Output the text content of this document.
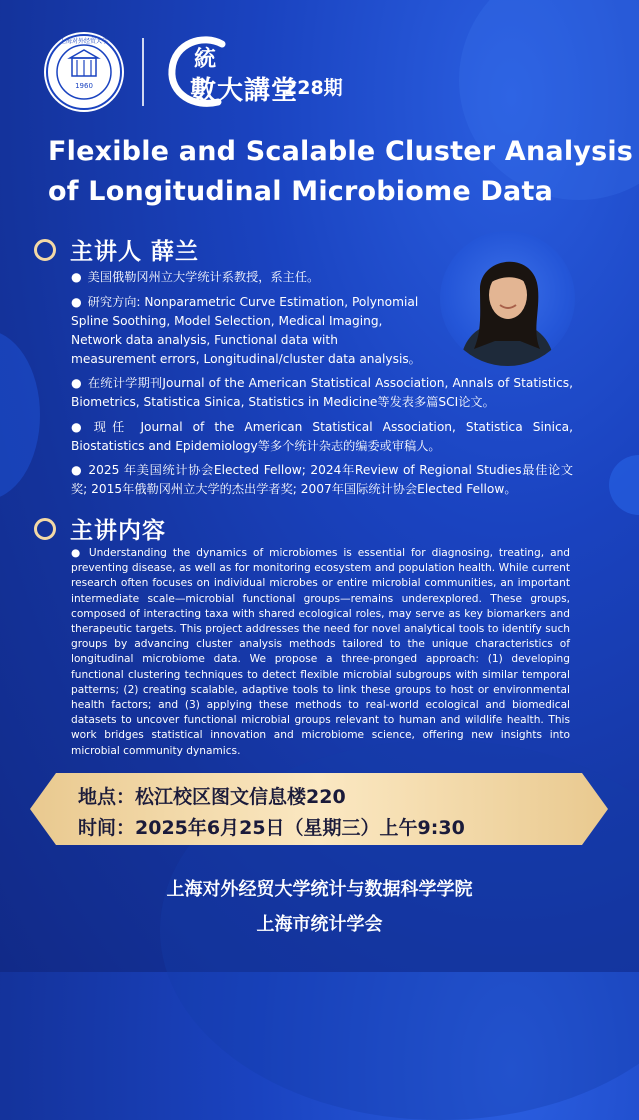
1960
上海对外经贸大学
統
數大講堂
228期
Flexible and Scalable Cluster Analysis
of Longitudinal Microbiome Data
主讲人 薛兰

● 美国俄勒冈州立大学统计系教授，系主任。

● 研究方向: Nonparametric Curve Estimation, Polynomial Spline Soothing, Model Selection, Medical Imaging, Network data analysis, Functional data with measurement errors, Longitudinal/cluster data analysis。

● 在统计学期刊Journal of the American Statistical Association, Annals of Statistics, Biometrics, Statistica Sinica, Statistics in Medicine等发表多篇SCI论文。

● 现任 Journal of the American Statistical Association, Statistica Sinica, Biostatistics and Epidemiology等多个统计杂志的编委或审稿人。

● 2025 年美国统计协会Elected Fellow; 2024年Review of Regional Studies最佳论文奖; 2015年俄勒冈州立大学的杰出学者奖; 2007年国际统计协会Elected Fellow。

主讲内容

● Understanding the dynamics of microbiomes is essential for diagnosing, treating, and preventing disease, as well as for monitoring ecosystem and population health. While current research often focuses on individual microbes or entire microbial communities, an important intermediate scale—microbial functional groups—remains underexplored. These groups, composed of interacting taxa with shared ecological roles, may serve as key biomarkers and therapeutic targets. This project addresses the need for novel analytical tools to identify such groups by advancing cluster analysis methods tailored to the unique characteristics of longitudinal microbiome data. We propose a three-pronged approach: (1) developing functional clustering techniques to detect flexible microbial subgroups with similar temporal patterns; (2) creating scalable, adaptive tools to link these groups to host or environmental health factors; and (3) applying these methods to real-world ecological and biomedical datasets to uncover functional microbial groups relevant to human and wildlife health. This work bridges statistical innovation and microbiome science, offering new insights into microbial community dynamics.

地点：松江校区图文信息楼220
时间：2025年6月25日（星期三）上午9:30
上海对外经贸大学统计与数据科学学院
上海市统计学会
